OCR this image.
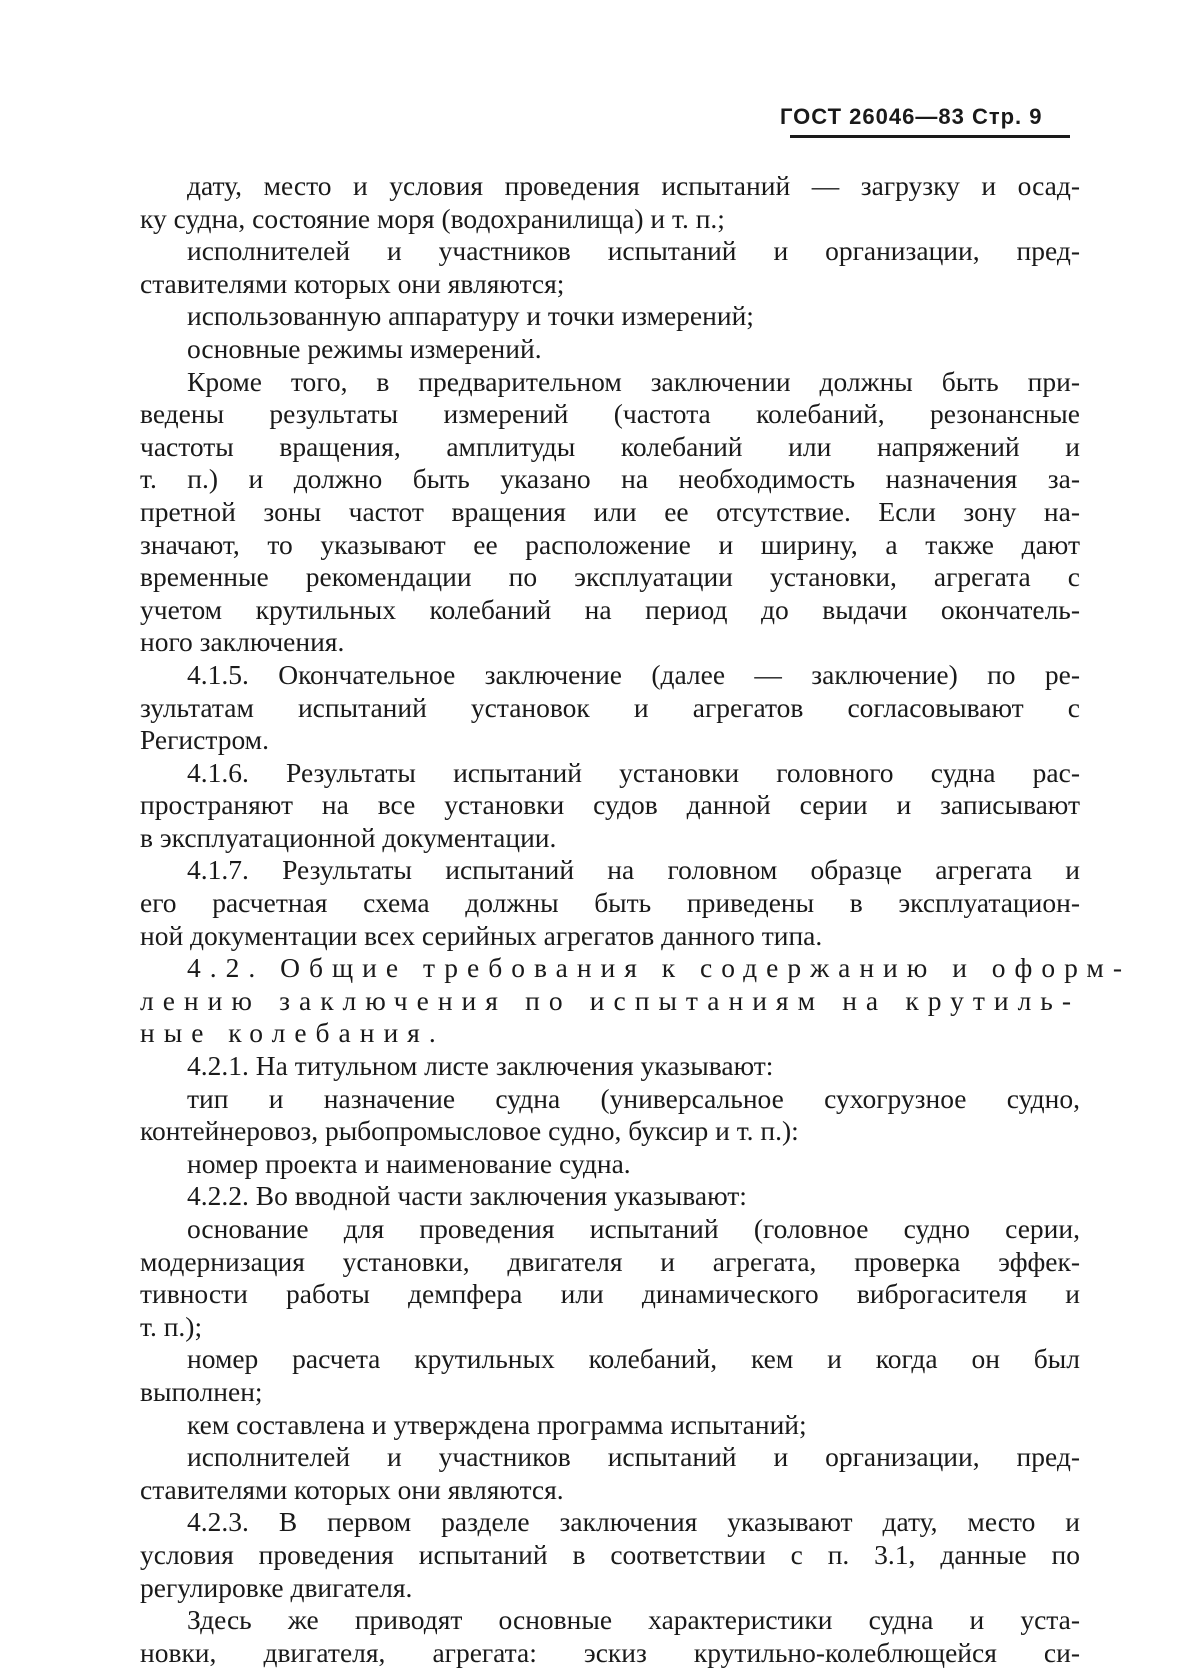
ГОСТ 26046—83 Стр. 9

дату, место и условия проведения испытаний — загрузку и осад-

ку судна, состояние моря (водохранилища) и т. п.;

исполнителей и участников испытаний и организации, пред-

ставителями которых они являются;

использованную аппаратуру и точки измерений;

основные режимы измерений.

Кроме того, в предварительном заключении должны быть при-

ведены результаты измерений (частота колебаний, резонансные

частоты вращения, амплитуды колебаний или напряжений и

т. п.) и должно быть указано на необходимость назначения за-

претной зоны частот вращения или ее отсутствие. Если зону на-

значают, то указывают ее расположение и ширину, а также дают

временные рекомендации по эксплуатации установки, агрегата с

учетом крутильных колебаний на период до выдачи окончатель-

ного заключения.

4.1.5. Окончательное заключение (далее — заключение) по ре-

зультатам испытаний установок и агрегатов согласовывают с

Регистром.

4.1.6. Результаты испытаний установки головного судна рас-

пространяют на все установки судов данной серии и записывают

в эксплуатационной документации.

4.1.7. Результаты испытаний на головном образце агрегата и

его расчетная схема должны быть приведены в эксплуатацион-

ной документации всех серийных агрегатов данного типа.

4.2. Общие требования к содержанию и оформ-

лению заключения по испытаниям на крутиль-

ные колебания.

4.2.1. На титульном листе заключения указывают:

тип и назначение судна (универсальное сухогрузное судно,

контейнеровоз, рыбопромысловое судно, буксир и т. п.):

номер проекта и наименование судна.

4.2.2. Во вводной части заключения указывают:

основание для проведения испытаний (головное судно серии,

модернизация установки, двигателя и агрегата, проверка эффек-

тивности работы демпфера или динамического виброгасителя и

т. п.);

номер расчета крутильных колебаний, кем и когда он был

выполнен;

кем составлена и утверждена программа испытаний;

исполнителей и участников испытаний и организации, пред-

ставителями которых они являются.

4.2.3. В первом разделе заключения указывают дату, место и

условия проведения испытаний в соответствии с п. 3.1, данные по

регулировке двигателя.

Здесь же приводят основные характеристики судна и уста-

новки, двигателя, агрегата: эскиз крутильно-колеблющейся си-
